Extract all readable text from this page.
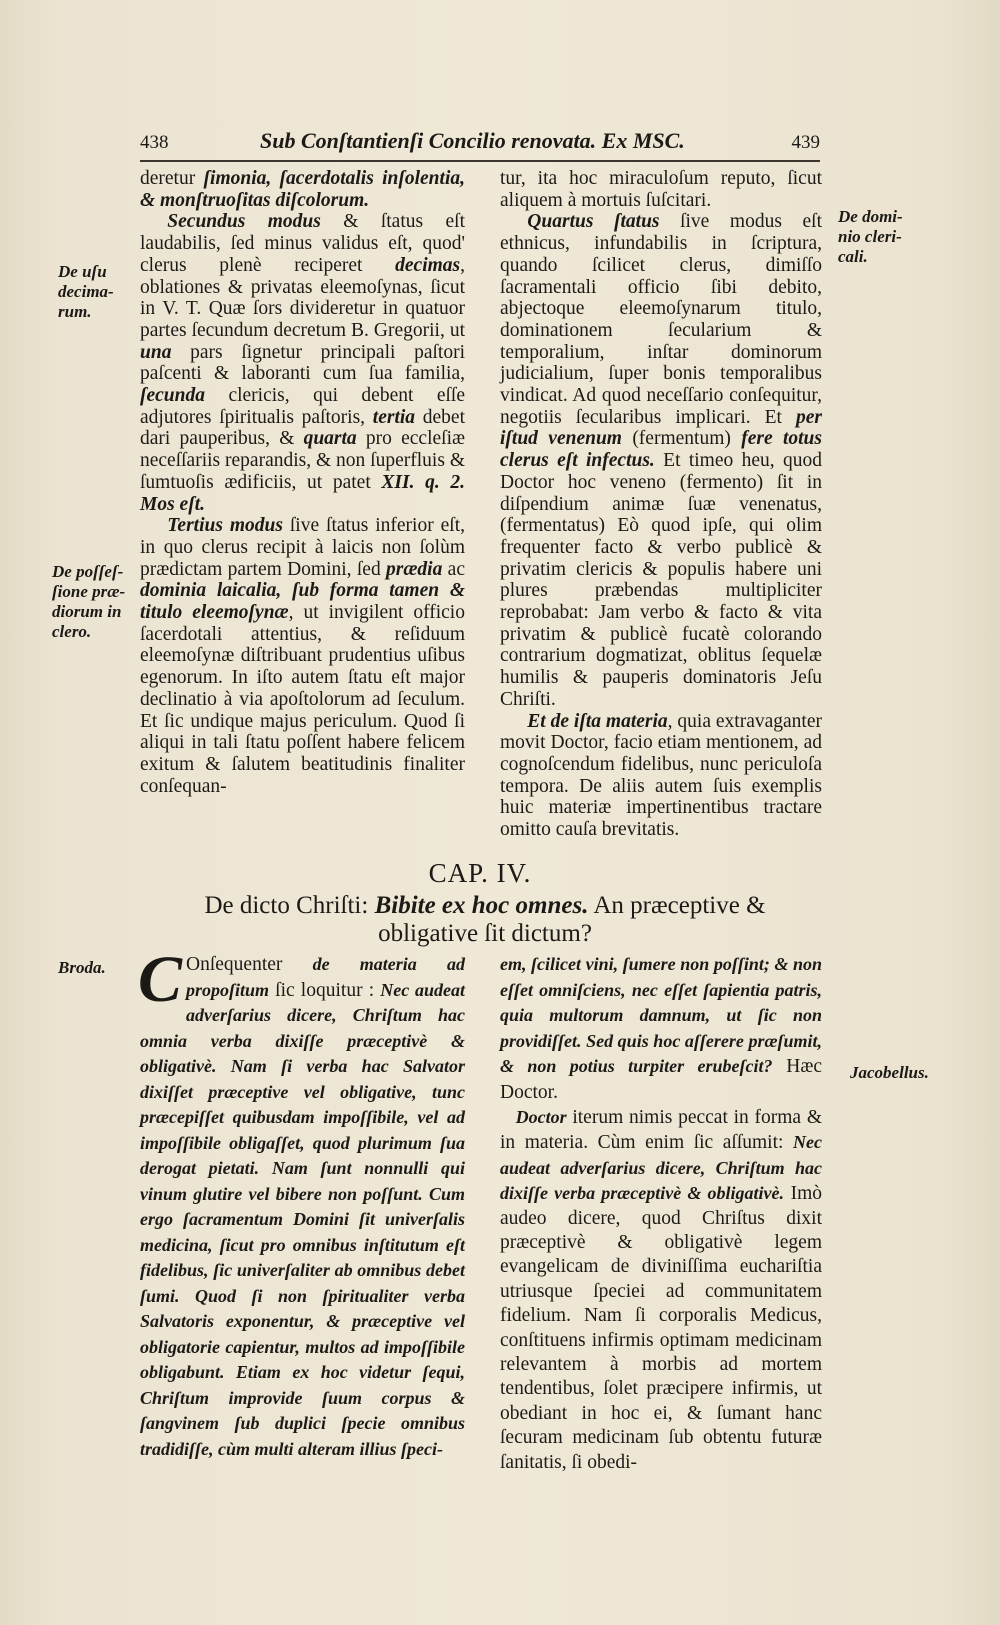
438	Sub Conſtantienſi Concilio renovata. Ex MSC.	439
De uſu decima-rum.
De poſſeſ-ſione præ-diorum in clero.
Broda.
De domi-nio cleri-cali.
Jacobellus.

deretur ſimonia, ſacerdotalis inſolentia, & monſtruoſitas diſcolorum.

Secundus modus & ſtatus eſt laudabilis, ſed minus validus eſt, quod' clerus plenè reciperet decimas, oblationes & privatas eleemoſynas, ſicut in V. T. Quæ ſors divideretur in quatuor partes ſecundum decretum B. Gregorii, ut una pars ſignetur principali paſtori paſcenti & laboranti cum ſua familia, ſecunda clericis, qui debent eſſe adjutores ſpiritualis paſtoris, tertia debet dari pauperibus, & quarta pro eccleſiæ neceſſariis reparandis, & non ſuperfluis & ſumtuoſis ædificiis, ut patet XII. q. 2. Mos eſt.

Tertius modus ſive ſtatus inferior eſt, in quo clerus recipit à laicis non ſolùm prædictam partem Domini, ſed prædia ac dominia laicalia, ſub forma tamen & titulo eleemoſynæ, ut invigilent officio ſacerdotali attentius, & reſiduum eleemoſynæ diſtribuant prudentius uſibus egenorum. In iſto autem ſtatu eſt major declinatio à via apoſtolorum ad ſeculum. Et ſic undique majus periculum. Quod ſi aliqui in tali ſtatu poſſent habere felicem exitum & ſalutem beatitudinis finaliter conſequan-

tur, ita hoc miraculoſum reputo, ſicut aliquem à mortuis ſuſcitari.

Quartus ſtatus ſive modus eſt ethnicus, infundabilis in ſcriptura, quando ſcilicet clerus, dimiſſo ſacramentali officio ſibi debito, abjectoque eleemoſynarum titulo, dominationem ſecularium & temporalium, inſtar dominorum judicialium, ſuper bonis temporalibus vindicat. Ad quod neceſſario conſequitur, negotiis ſecularibus implicari. Et per iſtud venenum (fermentum) fere totus clerus eſt infectus. Et timeo heu, quod Doctor hoc veneno (fermento) ſit in diſpendium animæ ſuæ venenatus, (fermentatus) Eò quod ipſe, qui olim frequenter facto & verbo publicè & privatim clericis & populis habere uni plures præbendas multipliciter reprobabat: Jam verbo & facto & vita privatim & publicè fucatè colorando contrarium dogmatizat, oblitus ſequelæ humilis & pauperis dominatoris Jeſu Chriſti.

Et de iſta materia, quia extravaganter movit Doctor, facio etiam mentionem, ad cognoſcendum fidelibus, nunc periculoſa tempora. De aliis autem ſuis exemplis huic materiæ impertinentibus tractare omitto cauſa brevitatis.

CAP. IV.
De dicto Chriſti: Bibite ex hoc omnes. An præceptive & obligative ſit dictum?

C Onſequenter de materia ad propoſitum ſic loquitur : Nec audeat adverſarius dicere, Chriſtum hac omnia verba dixiſſe præceptivè & obligativè. Nam ſi verba hac Salvator dixiſſet præceptive vel obligative, tunc præcepiſſet quibusdam impoſſibile, vel ad impoſſibile obligaſſet, quod plurimum ſua derogat pietati. Nam ſunt nonnulli qui vinum glutire vel bibere non poſſunt. Cum ergo ſacramentum Domini ſit univerſalis medicina, ſicut pro omnibus inſtitutum eſt fidelibus, ſic univerſaliter ab omnibus debet ſumi. Quod ſi non ſpiritualiter verba Salvatoris exponentur, & præceptive vel obligatorie capientur, multos ad impoſſibile obligabunt. Etiam ex hoc videtur ſequi, Chriſtum improvide ſuum corpus & ſangvinem ſub duplici ſpecie omnibus tradidiſſe, cùm multi alteram illius ſpeci-

em, ſcilicet vini, ſumere non poſſint; & non eſſet omniſciens, nec eſſet ſapientia patris, quia multorum damnum, ut ſic non providiſſet. Sed quis hoc aſſerere præſumit, & non potius turpiter erubeſcit? Hæc Doctor.

Doctor iterum nimis peccat in forma & in materia. Cùm enim ſic aſſumit: Nec audeat adverſarius dicere, Chriſtum hac dixiſſe verba præceptivè & obligativè. Imò audeo dicere, quod Chriſtus dixit præceptivè & obligativè legem evangelicam de diviniſſima euchariſtia utriusque ſpeciei ad communitatem fidelium. Nam ſi corporalis Medicus, conſtituens infirmis optimam medicinam relevantem à morbis ad mortem tendentibus, ſolet præcipere infirmis, ut obediant in hoc ei, & ſumant hanc ſecuram medicinam ſub obtentu futuræ ſanitatis, ſi obedi-
